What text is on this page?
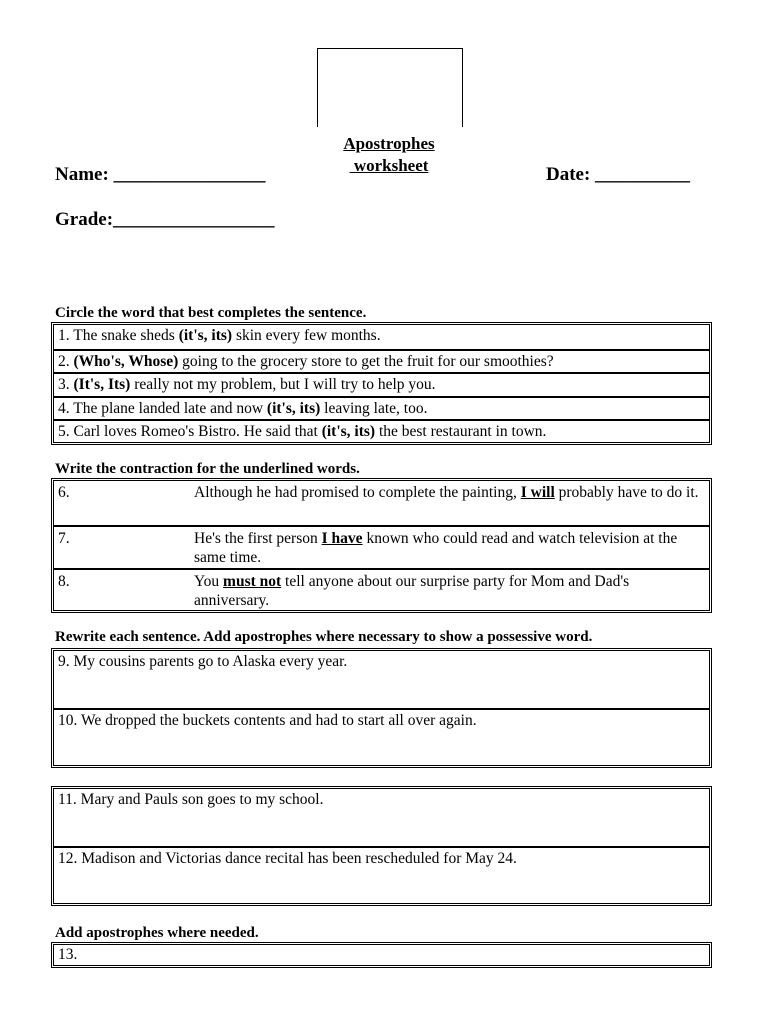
Apostrophes
worksheet
Name: ________________	Date: __________
Grade:_________________
Circle the word that best completes the sentence.
1. The snake sheds (it's, its) skin every few months.
2. (Who's, Whose) going to the grocery store to get the fruit for our smoothies?
3. (It's, Its) really not my problem, but I will try to help you.
4. The plane landed late and now (it's, its) leaving late, too.
5. Carl loves Romeo's Bistro. He said that (it's, its) the best restaurant in town.
Write the contraction for the underlined words.
6.	Although he had promised to complete the painting, I will probably have to do it.
7.	He's the first person I have known who could read and watch television at the same time.
8.	You must not tell anyone about our surprise party for Mom and Dad's anniversary.
Rewrite each sentence. Add apostrophes where necessary to show a possessive word.
9. My cousins parents go to Alaska every year.
10. We dropped the buckets contents and had to start all over again.
11. Mary and Pauls son goes to my school.
12. Madison and Victorias dance recital has been rescheduled for May 24.
Add apostrophes where needed.
13.
